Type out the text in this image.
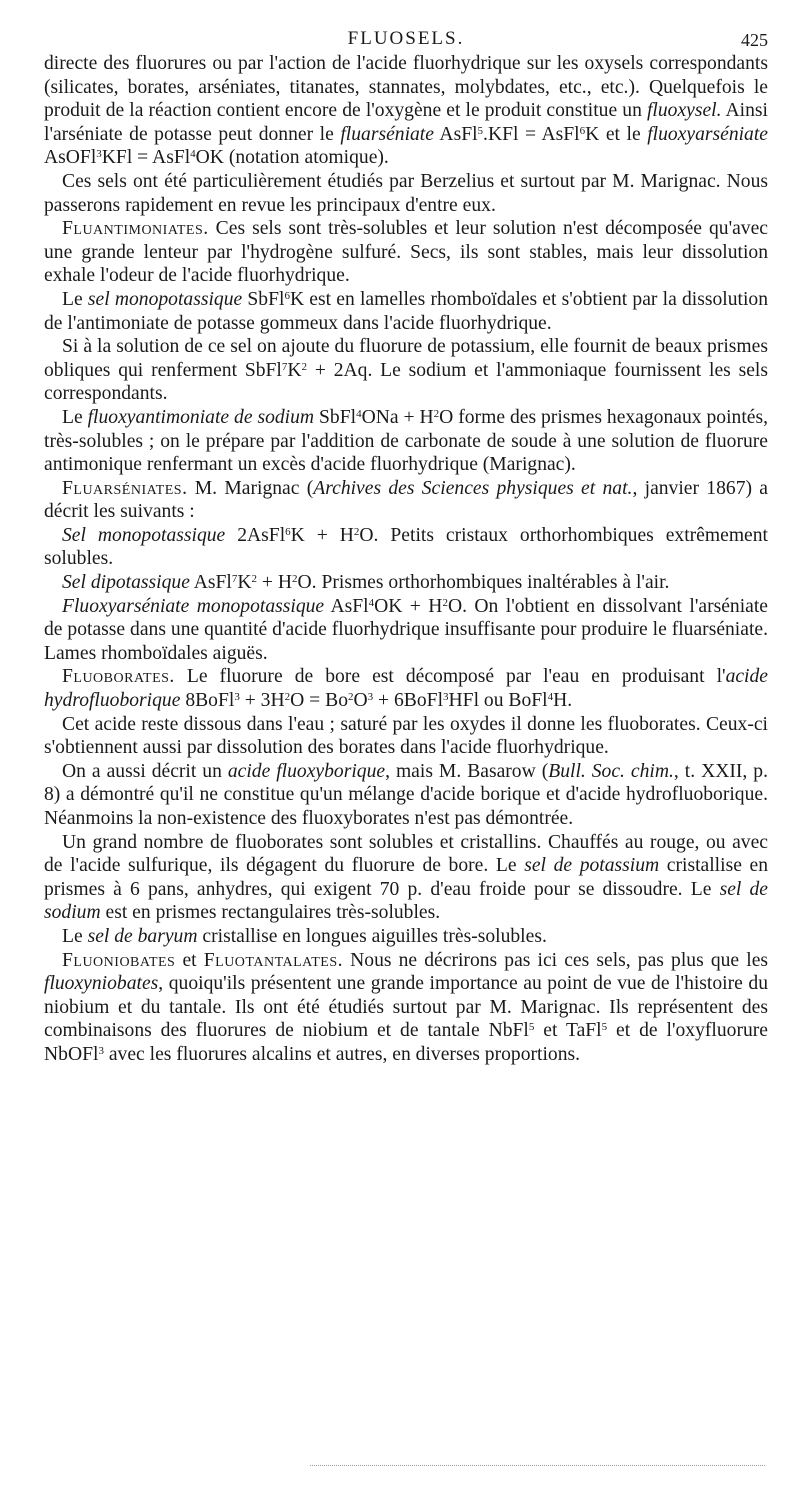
FLUOSELS.	425

directe des fluorures ou par l'action de l'acide fluorhydrique sur les oxysels correspondants (silicates, borates, arséniates, titanates, stannates, molybdates, etc., etc.). Quelquefois le produit de la réaction contient encore de l'oxygène et le produit constitue un fluoxysel. Ainsi l'arséniate de potasse peut donner le fluarséniate AsFl$^5$.KFl = AsFl$^6$K et le fluoxyarséniate AsOFl$^3$KFl = AsFl$^4$OK (notation atomique).

Ces sels ont été particulièrement étudiés par Berzelius et surtout par M. Marignac. Nous passerons rapidement en revue les principaux d'entre eux.

Fluantimoniates. Ces sels sont très-solubles et leur solution n'est décomposée qu'avec une grande lenteur par l'hydrogène sulfuré. Secs, ils sont stables, mais leur dissolution exhale l'odeur de l'acide fluorhydrique.

Le sel monopotassique SbFl$^6$K est en lamelles rhomboïdales et s'obtient par la dissolution de l'antimoniate de potasse gommeux dans l'acide fluorhydrique.

Si à la solution de ce sel on ajoute du fluorure de potassium, elle fournit de beaux prismes obliques qui renferment $SbFl^7K^2 + 2Aq$. Le sodium et l'ammoniaque fournissent les sels correspondants.

Le fluoxyantimoniate de sodium SbFl$^4$ONa + $H^2O$ forme des prismes hexagonaux pointés, très-solubles ; on le prépare par l'addition de carbonate de soude à une solution de fluorure antimonique renfermant un excès d'acide fluorhydrique (Marignac).

Fluarséniates. M. Marignac (Archives des Sciences physiques et nat., janvier 1867) a décrit les suivants :

Sel monopotassique 2AsFl$^6$K + $H^2O$. Petits cristaux orthorhombiques extrêmement solubles.

Sel dipotassique $AsFl^7K^2 + H^2O$. Prismes orthorhombiques inaltérables à l'air.

Fluoxyarséniate monopotassique AsFl$^4$OK + $H^2O$. On l'obtient en dissolvant l'arséniate de potasse dans une quantité d'acide fluorhydrique insuffisante pour produire le fluarséniate. Lames rhomboïdales aiguës.

Fluoborates. Le fluorure de bore est décomposé par l'eau en produisant l'acide hydrofluoborique 8BoFl$^3$ + $3H^2O = Bo^2O^3$ + 6BoFl$^3$HFl ou BoFl$^4$H.

Cet acide reste dissous dans l'eau ; saturé par les oxydes il donne les fluoborates. Ceux-ci s'obtiennent aussi par dissolution des borates dans l'acide fluorhydrique.

On a aussi décrit un acide fluoxyborique, mais M. Basarow (Bull. Soc. chim., t. XXII, p. 8) a démontré qu'il ne constitue qu'un mélange d'acide borique et d'acide hydrofluoborique. Néanmoins la non-existence des fluoxyborates n'est pas démontrée.

Un grand nombre de fluoborates sont solubles et cristallins. Chauffés au rouge, ou avec de l'acide sulfurique, ils dégagent du fluorure de bore. Le sel de potassium cristallise en prismes à 6 pans, anhydres, qui exigent 70 p. d'eau froide pour se dissoudre. Le sel de sodium est en prismes rectangulaires très-solubles.

Le sel de baryum cristallise en longues aiguilles très-solubles.

Fluoniobates et Fluotantalates. Nous ne décrirons pas ici ces sels, pas plus que les fluoxyniobates, quoiqu'ils présentent une grande importance au point de vue de l'histoire du niobium et du tantale. Ils ont été étudiés surtout par M. Marignac. Ils représentent des combinaisons des fluorures de niobium et de tantale NbFl$^5$ et TaFl$^5$ et de l'oxyfluorure NbOFl$^3$ avec les fluorures alcalins et autres, en diverses proportions.
